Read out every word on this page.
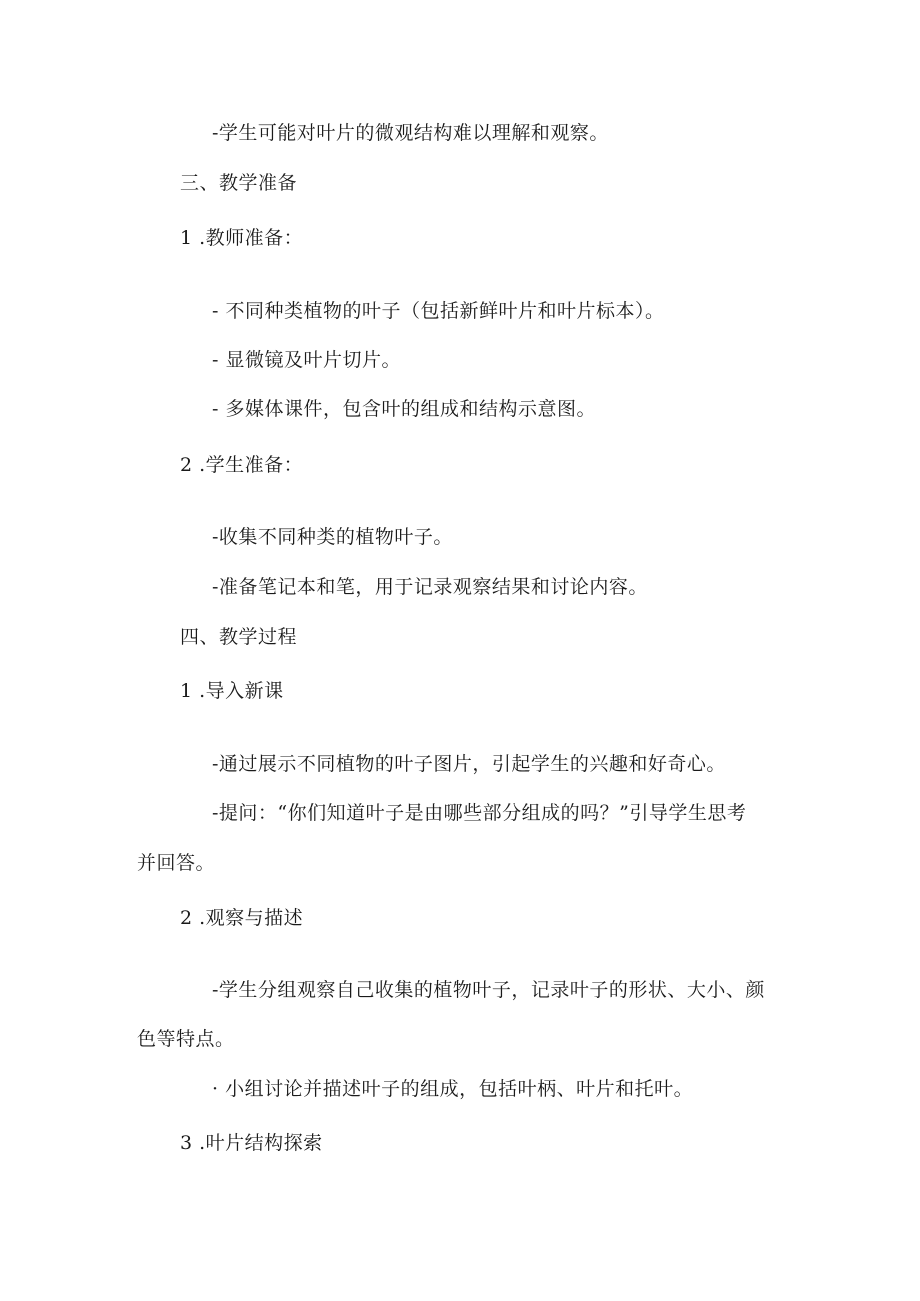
-学生可能对叶片的微观结构难以理解和观察。
三、教学准备
1 .教师准备：
- 不同种类植物的叶子（包括新鲜叶片和叶片标本）。
- 显微镜及叶片切片。
- 多媒体课件，包含叶的组成和结构示意图。
2 .学生准备：
-收集不同种类的植物叶子。
-准备笔记本和笔，用于记录观察结果和讨论内容。
四、教学过程
1 .导入新课
-通过展示不同植物的叶子图片，引起学生的兴趣和好奇心。
-提问：“你们知道叶子是由哪些部分组成的吗？”引导学生思考
并回答。
2 .观察与描述
-学生分组观察自己收集的植物叶子，记录叶子的形状、大小、颜
色等特点。
· 小组讨论并描述叶子的组成，包括叶柄、叶片和托叶。
3 .叶片结构探索
